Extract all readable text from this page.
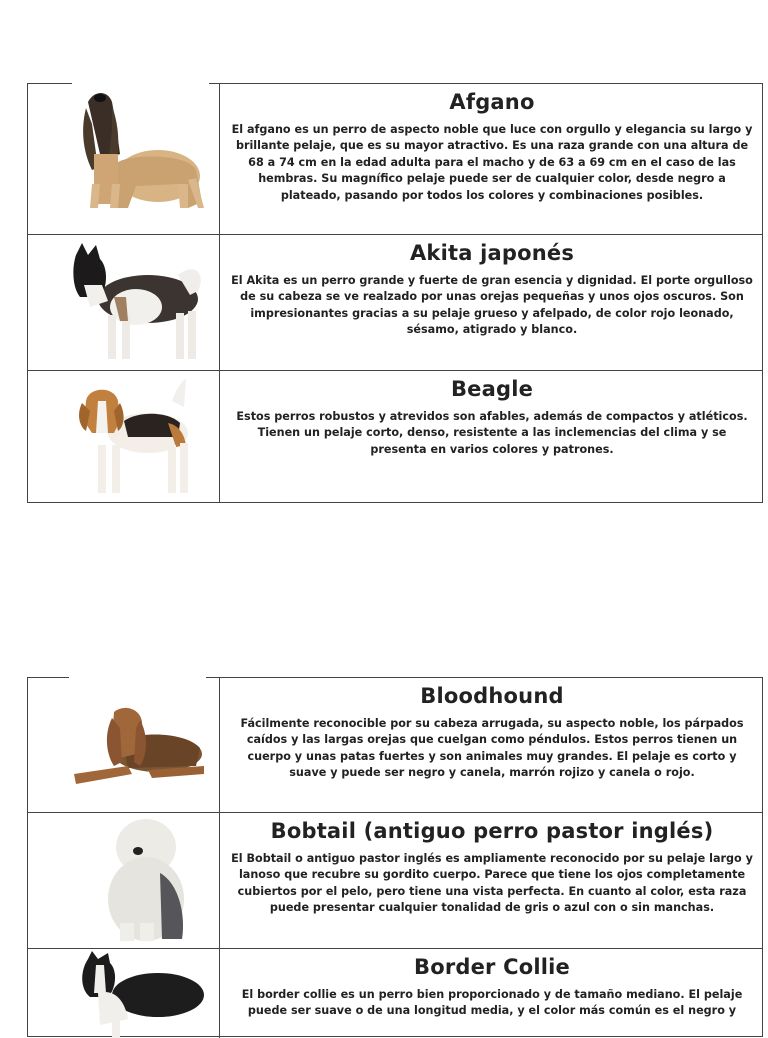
Afgano

El afgano es un perro de aspecto noble que luce con orgullo y elegancia su largo y brillante pelaje, que es su mayor atractivo. Es una raza grande con una altura de 68 a 74 cm en la edad adulta para el macho y de 63 a 69 cm en el caso de las hembras. Su magnífico pelaje puede ser de cualquier color, desde negro a plateado, pasando por todos los colores y combinaciones posibles.

Akita japonés

El Akita es un perro grande y fuerte de gran esencia y dignidad. El porte orgulloso de su cabeza se ve realzado por unas orejas pequeñas y unos ojos oscuros. Son impresionantes gracias a su pelaje grueso y afelpado, de color rojo leonado, sésamo, atigrado y blanco.

Beagle

Estos perros robustos y atrevidos son afables, además de compactos y atléticos. Tienen un pelaje corto, denso, resistente a las inclemencias del clima y se presenta en varios colores y patrones.

Bloodhound

Fácilmente reconocible por su cabeza arrugada, su aspecto noble, los párpados caídos y las largas orejas que cuelgan como péndulos. Estos perros tienen un cuerpo y unas patas fuertes y son animales muy grandes. El pelaje es corto y suave y puede ser negro y canela, marrón rojizo y canela o rojo.

Bobtail (antiguo perro pastor inglés)

El Bobtail o antiguo pastor inglés es ampliamente reconocido por su pelaje largo y lanoso que recubre su gordito cuerpo. Parece que tiene los ojos completamente cubiertos por el pelo, pero tiene una vista perfecta. En cuanto al color, esta raza puede presentar cualquier tonalidad de gris o azul con o sin manchas.

Border Collie

El border collie es un perro bien proporcionado y de tamaño mediano. El pelaje puede ser suave o de una longitud media, y el color más común es el negro y
